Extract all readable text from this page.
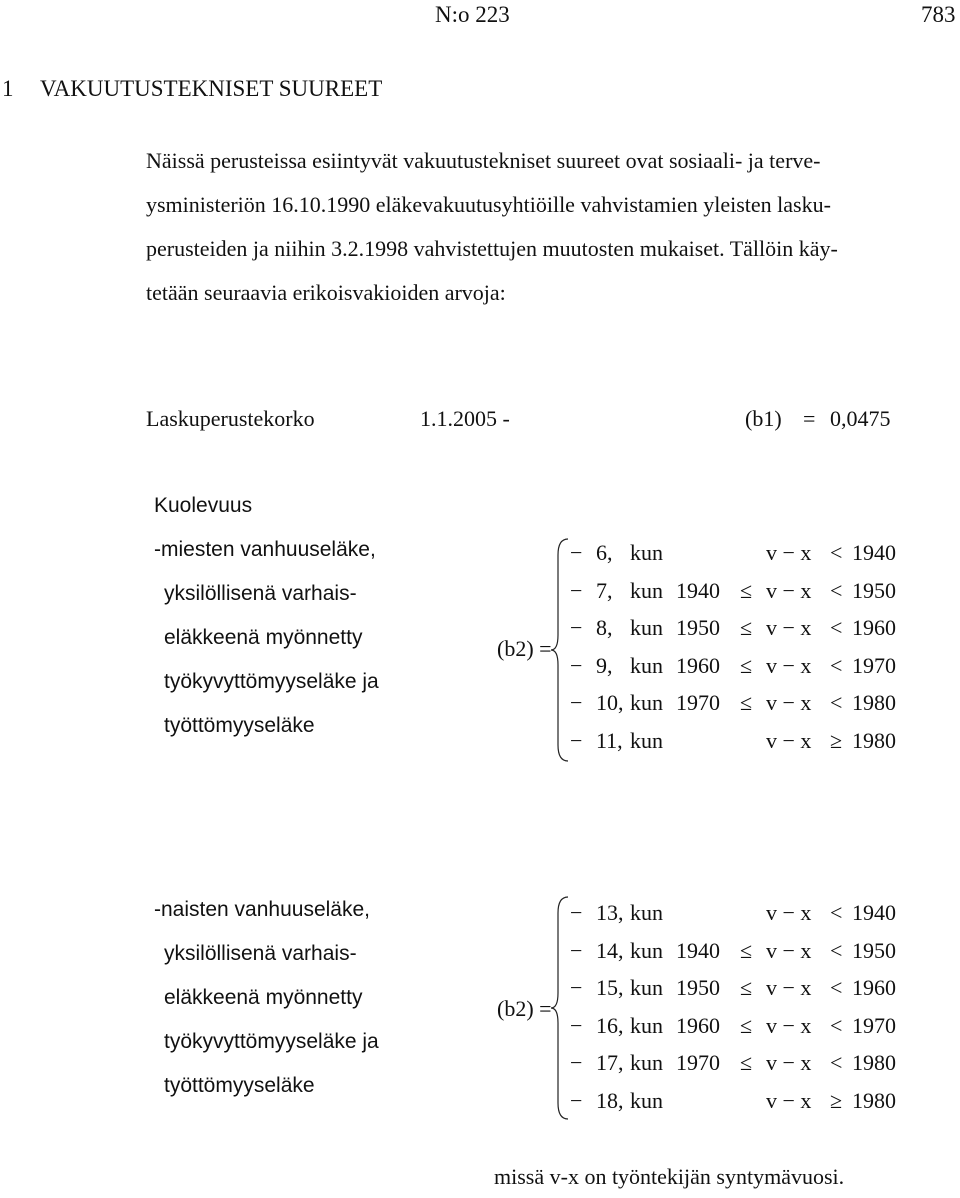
N:o 223	783
1 VAKUUTUSTEKNISET SUUREET
Näissä perusteissa esiintyvät vakuutustekniset suureet ovat sosiaali- ja terve-
ysministeriön 16.10.1990 eläkevakuutusyhtiöille vahvistamien yleisten lasku-
perusteiden ja niihin 3.2.1998 vahvistettujen muutosten mukaiset. Tällöin käy-
tetään seuraavia erikoisvakioiden arvoja:
Laskuperustekorko	1.1.2005 -	(b1) = 0,0475
Kuolevuus
-miesten vanhuuseläke,
yksilöllisenä varhais-
eläkkeenä myönnetty
työkyvyttömyyseläke ja
työttömyyseläke
(b2) =
− 6, kun	v − x < 1940
− 7, kun 1940 ≤ v − x < 1950
− 8, kun 1950 ≤ v − x < 1960
− 9, kun 1960 ≤ v − x < 1970
− 10, kun 1970 ≤ v − x < 1980
− 11, kun	v − x ≥ 1980
-naisten vanhuuseläke,
yksilöllisenä varhais-
eläkkeenä myönnetty
työkyvyttömyyseläke ja
työttömyyseläke
(b2) =
− 13, kun	v − x < 1940
− 14, kun 1940 ≤ v − x < 1950
− 15, kun 1950 ≤ v − x < 1960
− 16, kun 1960 ≤ v − x < 1970
− 17, kun 1970 ≤ v − x < 1980
− 18, kun	v − x ≥ 1980
missä v-x on työntekijän syntymävuosi.
